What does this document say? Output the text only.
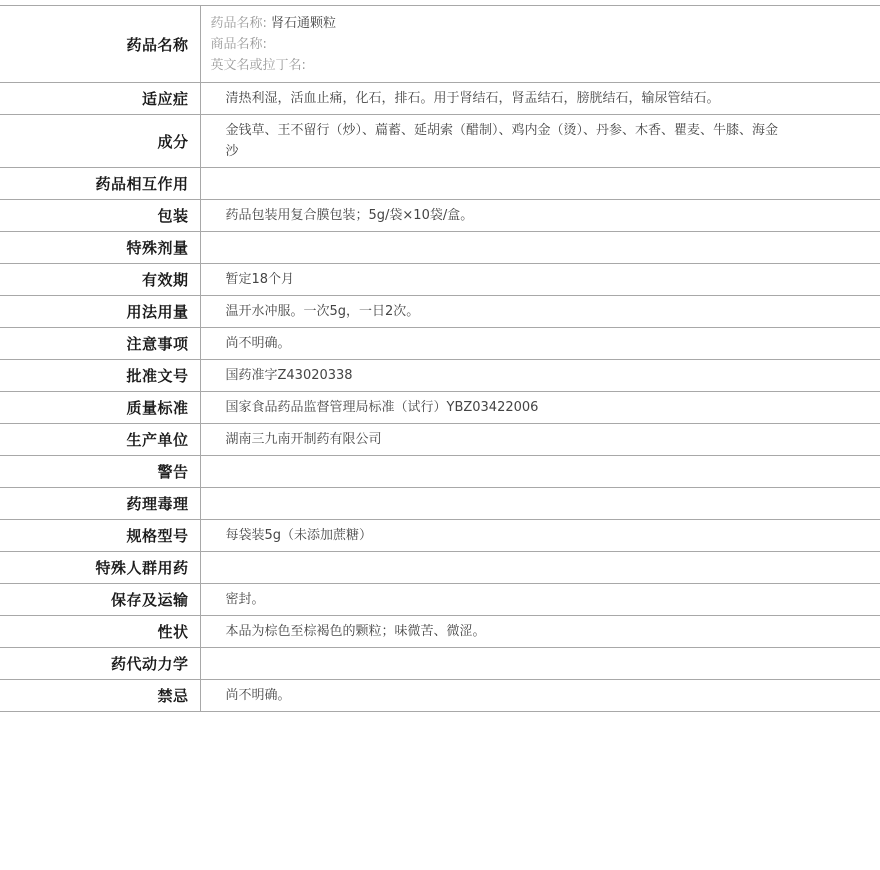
药品名称	药品名称: 肾石通颗粒
商品名称:
英文名或拉丁名:

适应症	清热利湿，活血止痛，化石，排石。用于肾结石，肾盂结石，膀胱结石，输尿管结石。
成分	金钱草、王不留行（炒）、萹蓄、延胡索（醋制）、鸡内金（烫）、丹参、木香、瞿麦、牛膝、海金沙
药品相互作用	
包装	药品包装用复合膜包装；5g/袋×10袋/盒。
特殊剂量	
有效期	暂定18个月
用法用量	温开水冲服。一次5g，一日2次。
注意事项	尚不明确。
批准文号	国药准字Z43020338
质量标准	国家食品药品监督管理局标准（试行）YBZ03422006
生产单位	湖南三九南开制药有限公司
警告	
药理毒理	
规格型号	每袋装5g（未添加蔗糖）
特殊人群用药	
保存及运输	密封。
性状	本品为棕色至棕褐色的颗粒；味微苦、微涩。
药代动力学	
禁忌	尚不明确。
